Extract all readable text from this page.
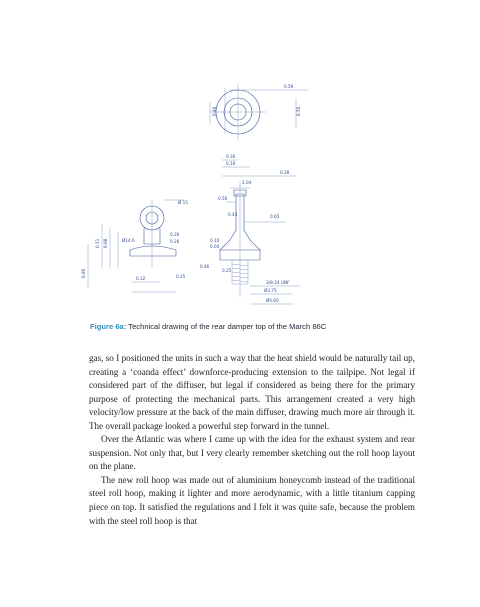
0.59
0.50
0.30
0.16
0.28
0.46
Ø 15
Ø14.6
0.30
0.26
0.25
0.32
0.51 0.98
0.86
1.04
0.50
0.43	0.65
0.10
0.04
0.46
3/8-24 UNF
Ø3.75
Ø0.60
0.25
Figure 6a: Technical drawing of the rear damper top of the March 86C

gas, so I positioned the units in such a way that the heat shield would be naturally tail up, creating a ‘coanda effect’ downforce-producing extension to the tailpipe. Not legal if considered part of the diffuser, but legal if considered as being there for the primary purpose of protecting the mechanical parts. This arrangement created a very high velocity/low pressure at the back of the main diffuser, drawing much more air through it. The overall package looked a powerful step forward in the tunnel.

Over the Atlantic was where I came up with the idea for the exhaust system and rear suspension. Not only that, but I very clearly remember sketching out the roll hoop layout on the plane.

The new roll hoop was made out of aluminium honeycomb instead of the traditional steel roll hoop, making it lighter and more aerodynamic, with a little titanium capping piece on top. It satisfied the regulations and I felt it was quite safe, because the problem with the steel roll hoop is that
